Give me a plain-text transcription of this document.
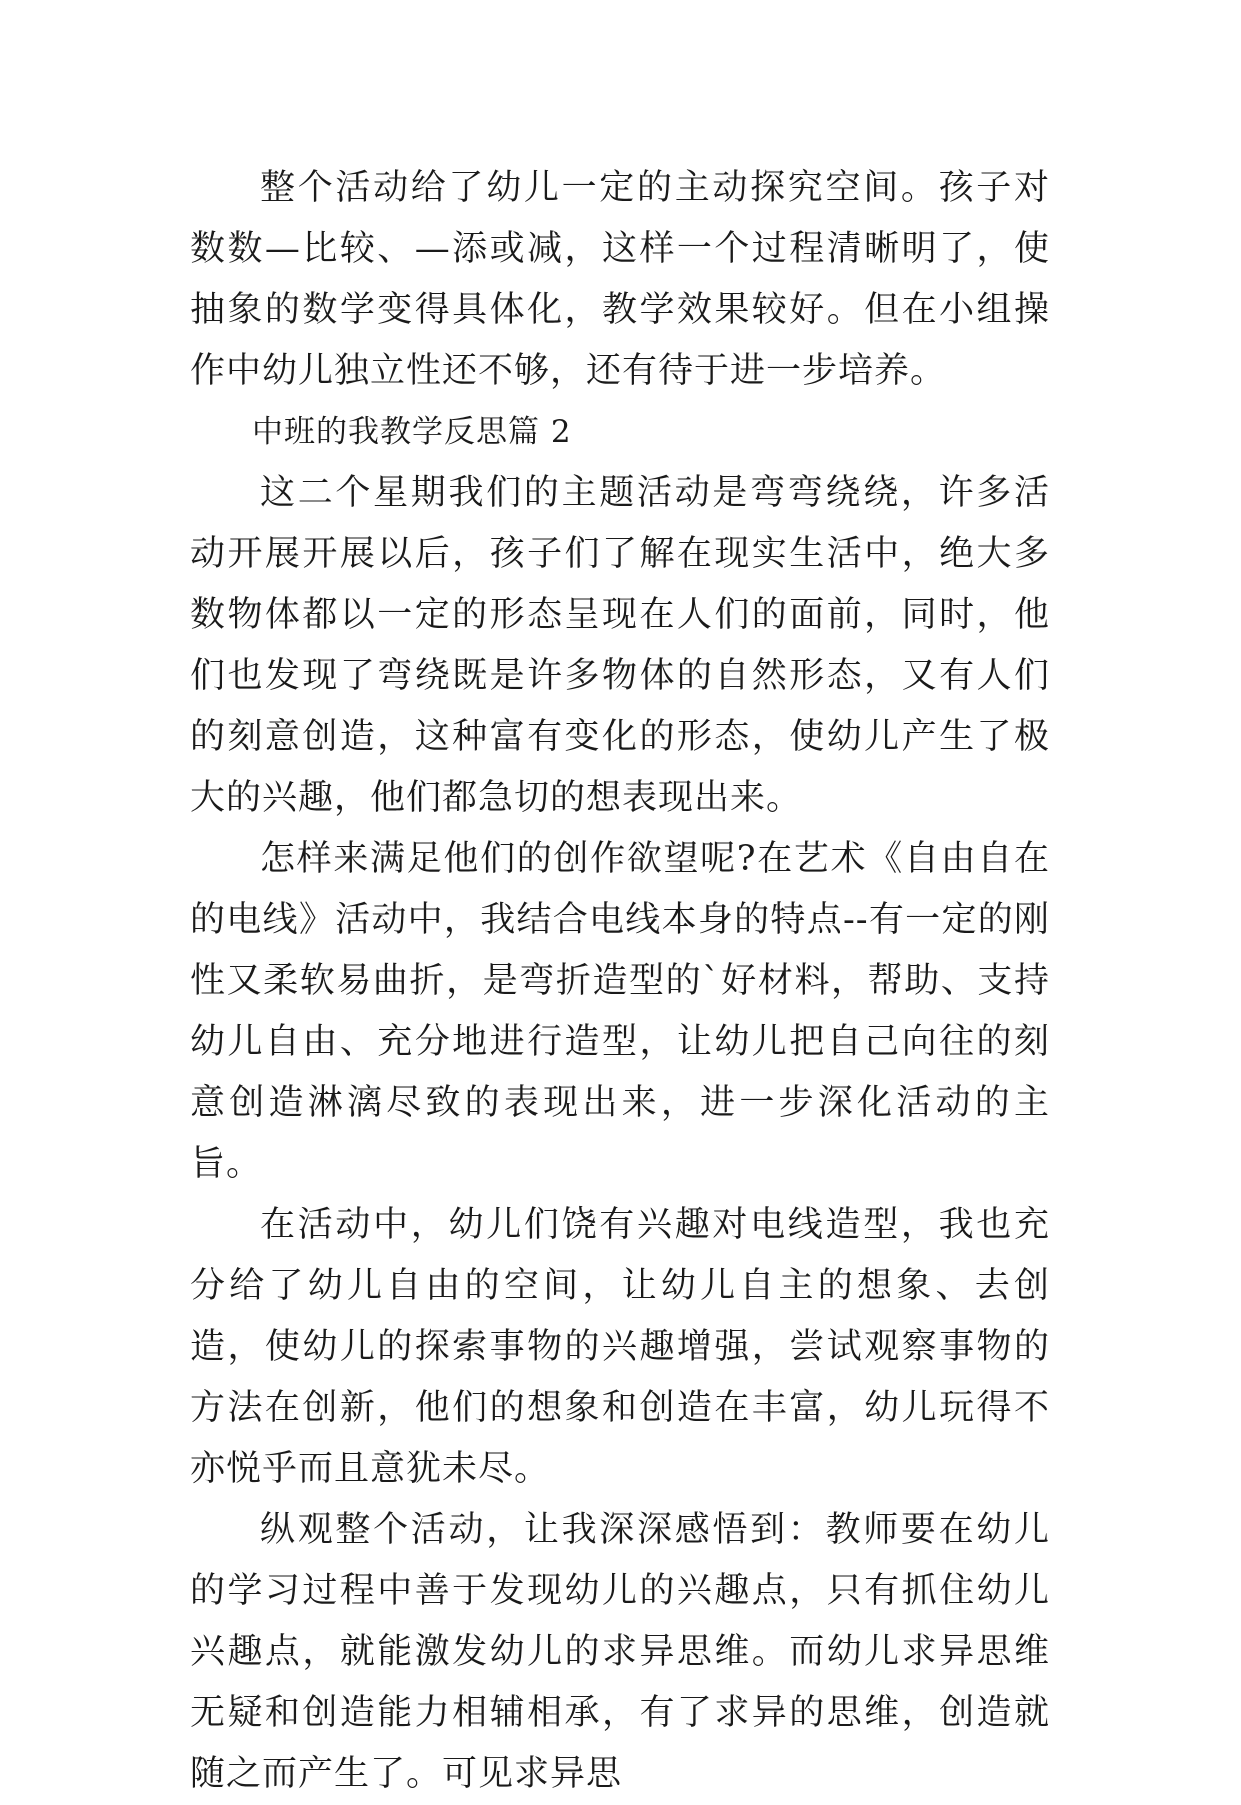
整个活动给了幼儿一定的主动探究空间。孩子对数数—比较、—添或减，这样一个过程清晰明了，使抽象的数学变得具体化，教学效果较好。但在小组操作中幼儿独立性还不够，还有待于进一步培养。

中班的我教学反思篇 2

这二个星期我们的主题活动是弯弯绕绕，许多活动开展开展以后，孩子们了解在现实生活中，绝大多数物体都以一定的形态呈现在人们的面前，同时，他们也发现了弯绕既是许多物体的自然形态，又有人们的刻意创造，这种富有变化的形态，使幼儿产生了极大的兴趣，他们都急切的想表现出来。

怎样来满足他们的创作欲望呢?在艺术《自由自在的电线》活动中，我结合电线本身的特点--有一定的刚性又柔软易曲折，是弯折造型的`好材料，帮助、支持幼儿自由、充分地进行造型，让幼儿把自己向往的刻意创造淋漓尽致的表现出来，进一步深化活动的主旨。

在活动中，幼儿们饶有兴趣对电线造型，我也充分给了幼儿自由的空间，让幼儿自主的想象、去创造，使幼儿的探索事物的兴趣增强，尝试观察事物的方法在创新，他们的想象和创造在丰富，幼儿玩得不亦悦乎而且意犹未尽。

纵观整个活动，让我深深感悟到：教师要在幼儿的学习过程中善于发现幼儿的兴趣点，只有抓住幼儿兴趣点，就能激发幼儿的求异思维。而幼儿求异思维无疑和创造能力相辅相承，有了求异的思维，创造就随之而产生了。可见求异思
